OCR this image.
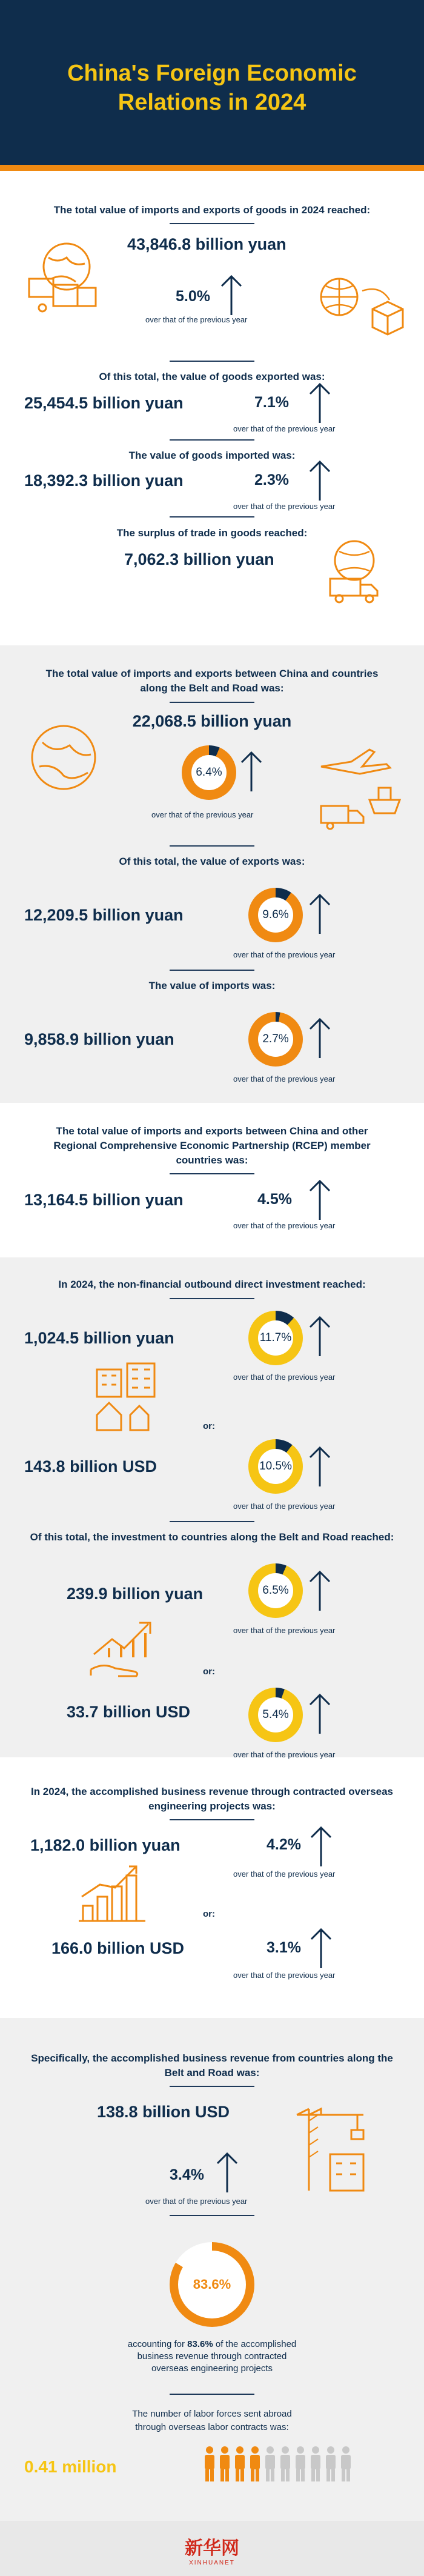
China's Foreign Economic
Relations in 2024
The total value of imports and exports of goods in 2024 reached:
43,846.8 billion yuan
5.0%
over that of the previous year
Of this total, the value of goods exported was:
25,454.5 billion yuan	7.1%
over that of the previous year
The value of goods imported was:
18,392.3 billion yuan	2.3%
over that of the previous year
The surplus of trade in goods reached:
7,062.3 billion yuan
The total value of imports and exports between China and countries
along the Belt and Road was:
22,068.5 billion yuan
6.4%
over that of the previous year
Of this total, the value of exports was:
12,209.5 billion yuan	9.6%
over that of the previous year
The value of imports was:
9,858.9 billion yuan	2.7%
over that of the previous year
The total value of imports and exports between China and other
Regional Comprehensive Economic Partnership (RCEP) member
countries was:
13,164.5 billion yuan	4.5%
over that of the previous year
In 2024, the non-financial outbound direct investment reached:
1,024.5 billion yuan	11.7%
over that of the previous year
or:
143.8 billion USD	10.5%
over that of the previous year
Of this total, the investment to countries along the Belt and Road reached:
239.9 billion yuan	6.5%
over that of the previous year
or:
33.7 billion USD	5.4%
over that of the previous year
In 2024, the accomplished business revenue through contracted overseas
engineering projects was:
1,182.0 billion yuan	4.2%
over that of the previous year
or:
166.0 billion USD	3.1%
over that of the previous year
Specifically, the accomplished business revenue from countries along the
Belt and Road was:
138.8 billion USD
3.4%
over that of the previous year
83.6%
accounting for 83.6% of the accomplished
business revenue through contracted
overseas engineering projects
The number of labor forces sent abroad
through overseas labor contracts was:
0.41 million
新华网
XINHUANET
